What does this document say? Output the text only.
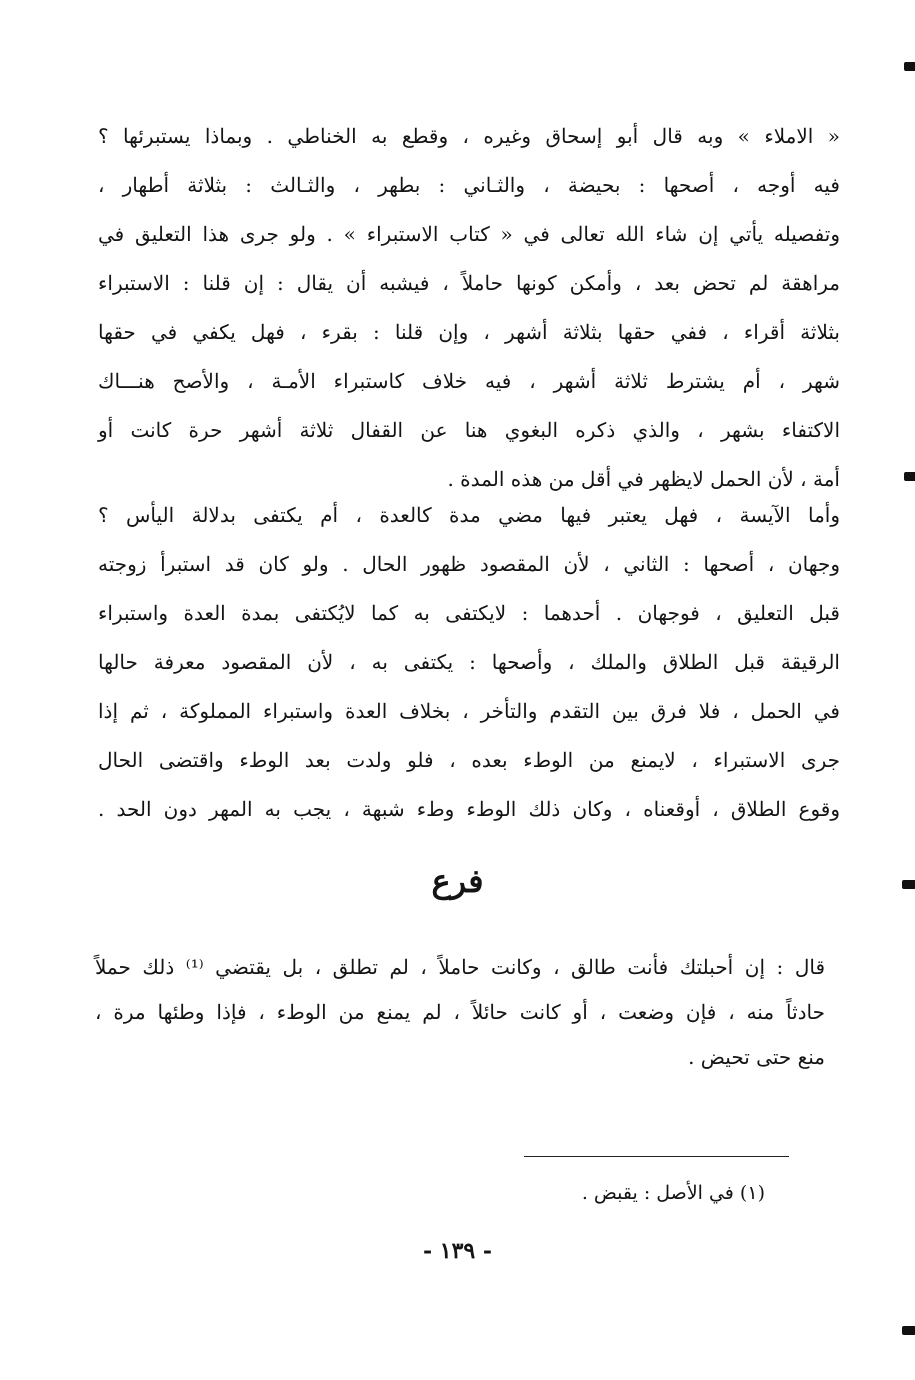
« الاملاء » وبه قال أبو إسحاق وغيره ، وقطع به الخناطي . وبماذا يستبرئها ؟
فيه أوجه ، أصحها : بحيضة ، والثـاني : بطهر ، والثـالث : بثلاثة أطهار ،
وتفصيله يأتي إن شاء الله تعالى في « كتاب الاستبراء » . ولو جرى هذا التعليق في
مراهقة لم تحض بعد ، وأمكن كونها حاملاً ، فيشبه أن يقال : إن قلنا : الاستبراء
بثلاثة أقراء ، ففي حقها بثلاثة أشهر ، وإن قلنا : بقرء ، فهل يكفي في حقها
شهر ، أم يشترط ثلاثة أشهر ، فيه خلاف كاستبراء الأمـة ، والأصح هنـــاك
الاكتفاء بشهر ، والذي ذكره البغوي هنا عن القفال ثلاثة أشهر حرة كانت أو
أمة ، لأن الحمل لايظهر في أقل من هذه المدة .
وأما الآيسة ، فهل يعتبر فيها مضي مدة كالعدة ، أم يكتفى بدلالة اليأس ؟
وجهان ، أصحها : الثاني ، لأن المقصود ظهور الحال . ولو كان قد استبرأ زوجته
قبل التعليق ، فوجهان . أحدهما : لايكتفى به كما لايُكتفى بمدة العدة واستبراء
الرقيقة قبل الطلاق والملك ، وأصحها : يكتفى به ، لأن المقصود معرفة حالها
في الحمل ، فلا فرق بين التقدم والتأخر ، بخلاف العدة واستبراء المملوكة ، ثم إذا
جرى الاستبراء ، لايمنع من الوطء بعده ، فلو ولدت بعد الوطء واقتضى الحال
وقوع الطلاق ، أوقعناه ، وكان ذلك الوطء وطء شبهة ، يجب به المهر دون الحد .
فرع
قال : إن أحبلتك فأنت طالق ، وكانت حاملاً ، لم تطلق ، بل يقتضي ⁽¹⁾ ذلك حملاً
حادثاً منه ، فإن وضعت ، أو كانت حائلاً ، لم يمنع من الوطء ، فإذا وطئها مرة ،
منع حتى تحيض .
(١) في الأصل : يقبض .
- ١٣٩ -
